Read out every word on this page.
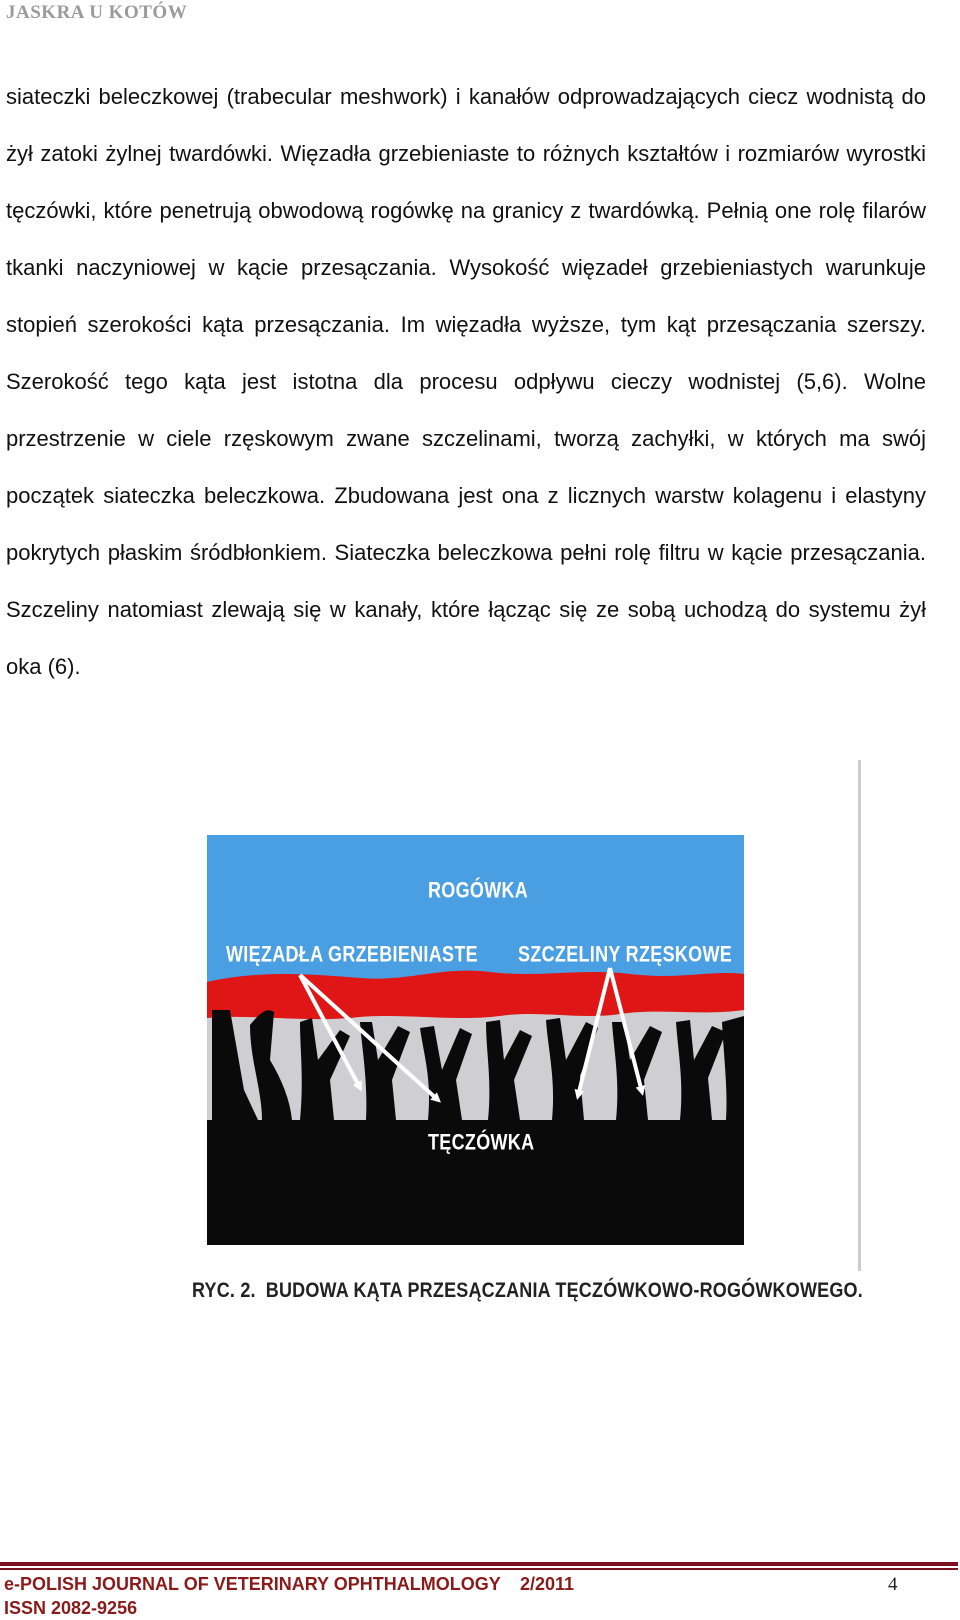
JASKRA U KOTÓW

siateczki beleczkowej (trabecular meshwork) i kanałów odprowadzających ciecz wodnistą do żył zatoki żylnej twardówki. Więzadła grzebieniaste to różnych kształtów i rozmiarów wyrostki tęczówki, które penetrują obwodową rogówkę na granicy z twardówką. Pełnią one rolę filarów tkanki naczyniowej w kącie przesączania. Wysokość więzadeł grzebieniastych warunkuje stopień szerokości kąta przesączania. Im więzadła wyższe, tym kąt przesączania szerszy. Szerokość tego kąta jest istotna dla procesu odpływu cieczy wodnistej (5,6). Wolne przestrzenie w ciele rzęskowym zwane szczelinami, tworzą zachyłki, w których ma swój początek siateczka beleczkowa. Zbudowana jest ona z licznych warstw kolagenu i elastyny pokrytych płaskim śródbłonkiem. Siateczka beleczkowa pełni rolę filtru w kącie przesączania. Szczeliny natomiast zlewają się w kanały, które łącząc się ze sobą uchodzą do systemu żył oka (6).

ROGÓWKA
WIĘZADŁA GRZEBIENIASTE SZCZELINY RZĘSKOWE
TĘCZÓWKA
RYC. 2. BUDOWA KĄTA PRZESĄCZANIA TĘCZÓWKOWO-ROGÓWKOWEGO.
e-POLISH JOURNAL OF VETERINARY OPHTHALMOLOGY 2/2011	4
ISSN 2082-9256
